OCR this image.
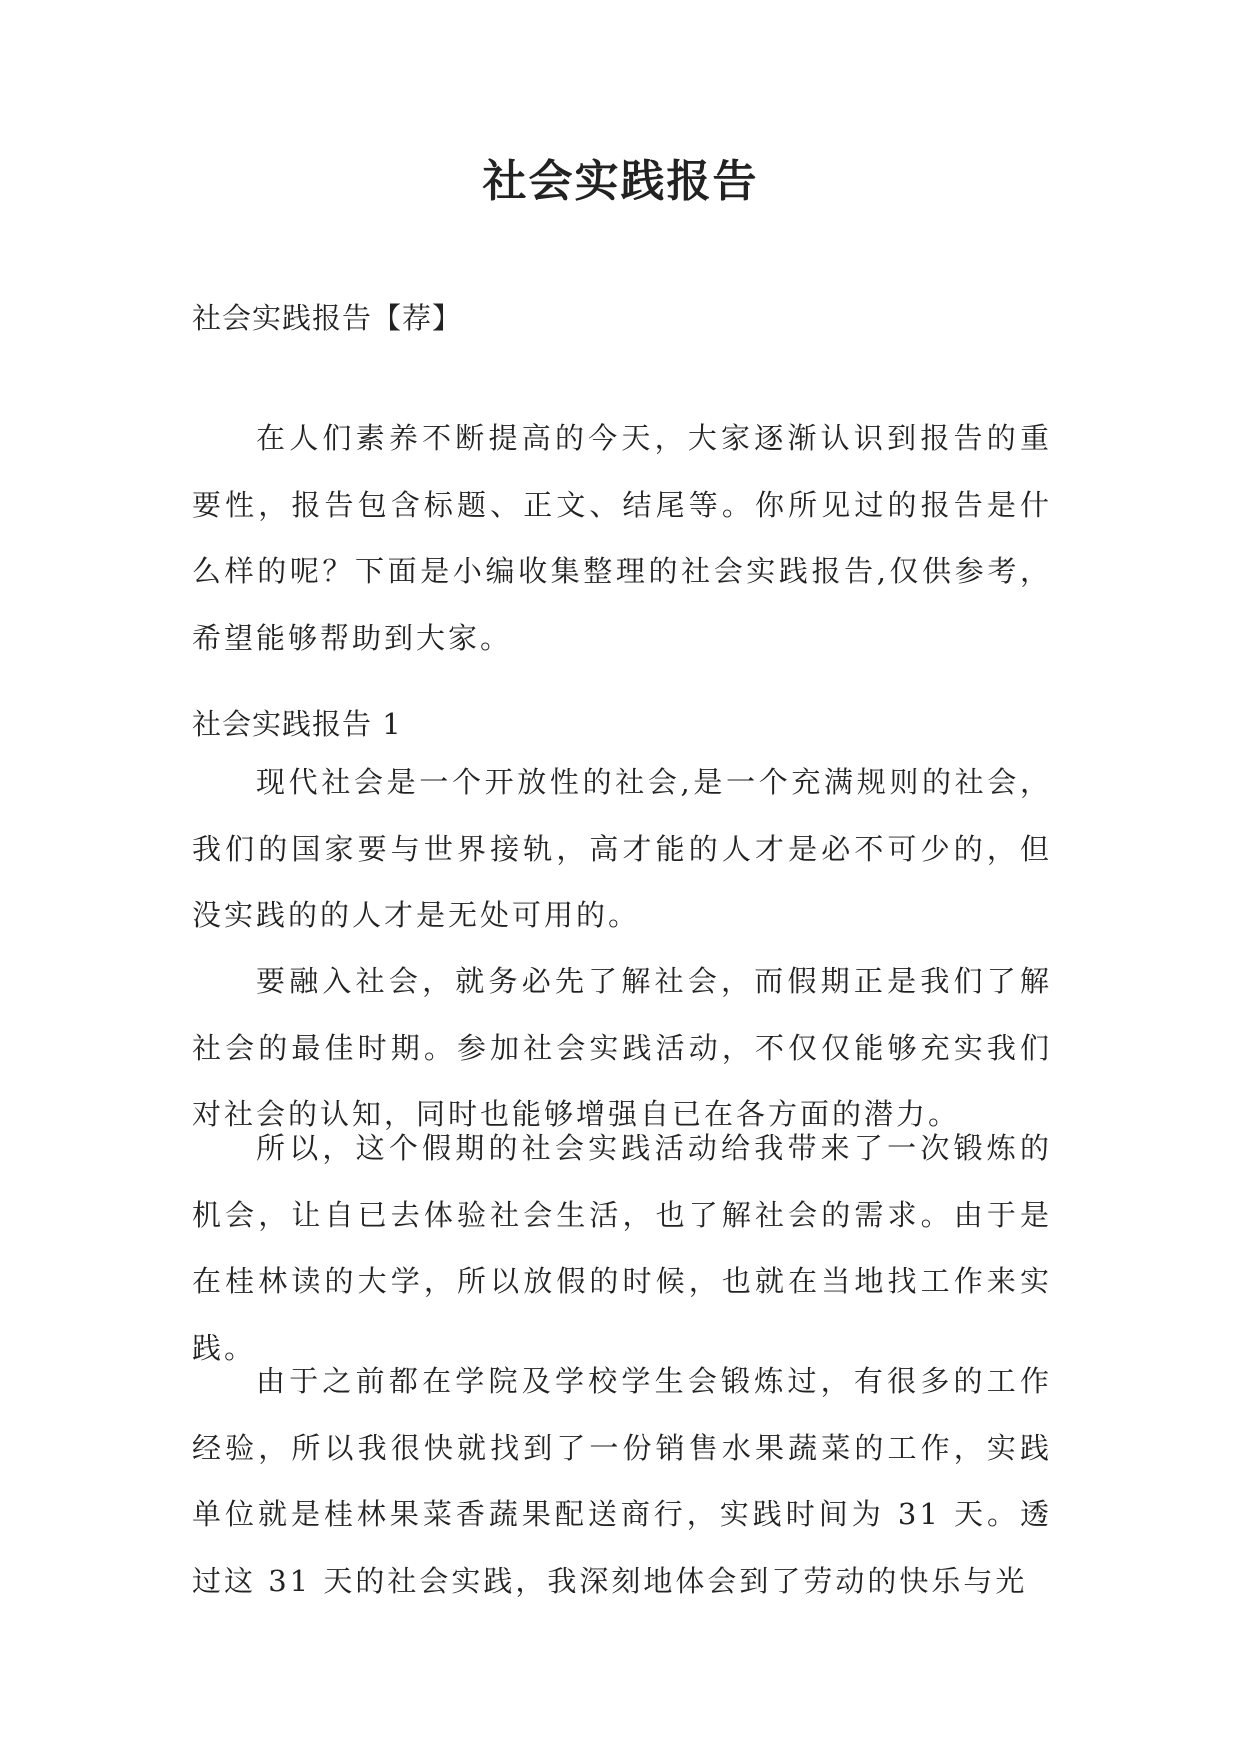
社会实践报告

社会实践报告【荐】

在人们素养不断提高的今天，大家逐渐认识到报告的重要性，报告包含标题、正文、结尾等。你所见过的报告是什么样的呢？下面是小编收集整理的社会实践报告,仅供参考，希望能够帮助到大家。

社会实践报告 1

现代社会是一个开放性的社会,是一个充满规则的社会，我们的国家要与世界接轨，高才能的人才是必不可少的，但没实践的的人才是无处可用的。

要融入社会，就务必先了解社会，而假期正是我们了解社会的最佳时期。参加社会实践活动，不仅仅能够充实我们对社会的认知，同时也能够增强自已在各方面的潜力。

所以，这个假期的社会实践活动给我带来了一次锻炼的机会，让自已去体验社会生活，也了解社会的需求。由于是在桂林读的大学，所以放假的时候，也就在当地找工作来实践。

由于之前都在学院及学校学生会锻炼过，有很多的工作经验，所以我很快就找到了一份销售水果蔬菜的工作，实践单位就是桂林果菜香蔬果配送商行，实践时间为 31 天。透过这 31 天的社会实践，我深刻地体会到了劳动的快乐与光
